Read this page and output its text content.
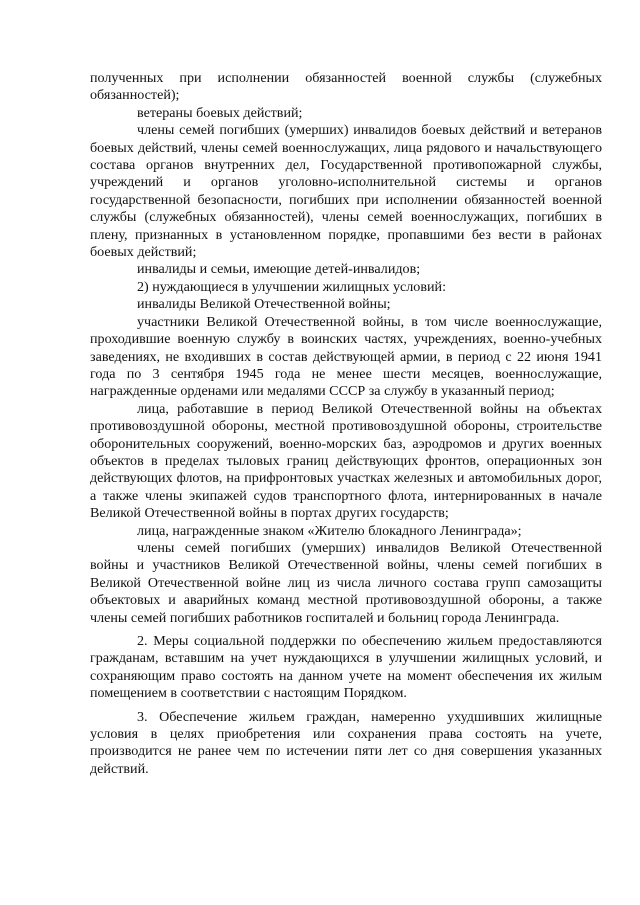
полученных при исполнении обязанностей военной службы (служебных обязанностей);

ветераны боевых действий;

члены семей погибших (умерших) инвалидов боевых действий и ветеранов боевых действий, члены семей военнослужащих, лица рядового и начальствующего состава органов внутренних дел, Государственной противопожарной службы, учреждений и органов уголовно-исполнительной системы и органов государственной безопасности, погибших при исполнении обязанностей военной службы (служебных обязанностей), члены семей военнослужащих, погибших в плену, признанных в установленном порядке, пропавшими без вести в районах боевых действий;

инвалиды и семьи, имеющие детей-инвалидов;

2) нуждающиеся в улучшении жилищных условий:

инвалиды Великой Отечественной войны;

участники Великой Отечественной войны, в том числе военнослужащие, проходившие военную службу в воинских частях, учреждениях, военно-учебных заведениях, не входивших в состав действующей армии, в период с 22 июня 1941 года по 3 сентября 1945 года не менее шести месяцев, военнослужащие, награжденные орденами или медалями СССР за службу в указанный период;

лица, работавшие в период Великой Отечественной войны на объектах противовоздушной обороны, местной противовоздушной обороны, строительстве оборонительных сооружений, военно-морских баз, аэродромов и других военных объектов в пределах тыловых границ действующих фронтов, операционных зон действующих флотов, на прифронтовых участках железных и автомобильных дорог, а также члены экипажей судов транспортного флота, интернированных в начале Великой Отечественной войны в портах других государств;

лица, награжденные знаком «Жителю блокадного Ленинграда»;

члены семей погибших (умерших) инвалидов Великой Отечественной войны и участников Великой Отечественной войны, члены семей погибших в Великой Отечественной войне лиц из числа личного состава групп самозащиты объектовых и аварийных команд местной противовоздушной обороны, а также члены семей погибших работников госпиталей и больниц города Ленинграда.

2. Меры социальной поддержки по обеспечению жильем предоставляются гражданам, вставшим на учет нуждающихся в улучшении жилищных условий, и сохраняющим право состоять на данном учете на момент обеспечения их жилым помещением в соответствии с настоящим Порядком.

3. Обеспечение жильем граждан, намеренно ухудшивших жилищные условия в целях приобретения или сохранения права состоять на учете, производится не ранее чем по истечении пяти лет со дня совершения указанных действий.
